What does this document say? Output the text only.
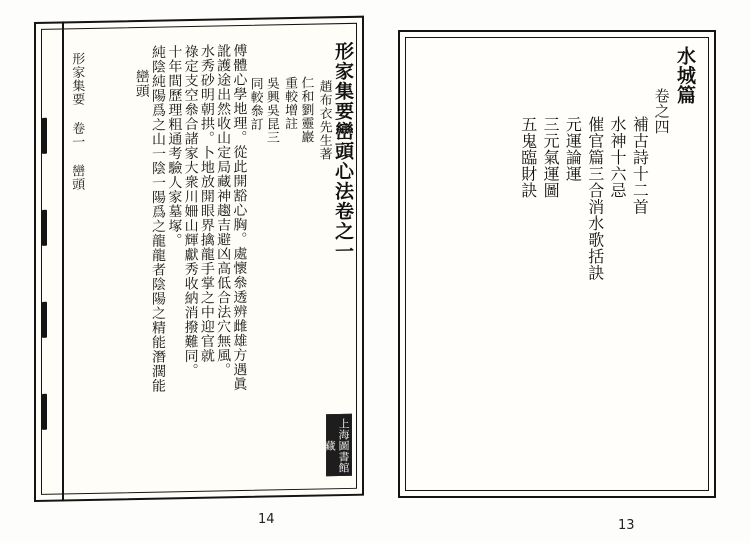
水城篇
卷之四
補古詩十二首
水神十六忌
催官篇三合消水歌括訣
元運論運
三元氣運圖
五鬼臨財訣
形家集要 卷一 巒頭	形家集要巒頭心法卷之一
趙布衣先生著
仁和劉靈巖
重較增註
吳興吳昆三
同較叅訂
傅體心學地理。從此開豁心胸。處懷叅透辨雌雄方遇眞
訛護途出然收山定局藏神趨吉避凶高低合法穴無風。
水秀砂明朝拱。卜地放開眼界擒龍手掌之中迎官就
祿定支空叅合諸家大衆川姍山輝獻秀收納消撥難同。
十年間歷理粗通考驗人家墓塚。
純陰純陽爲之山一陰一陽爲之龍龍者陰陽之精能潛濶能
巒頭
上海圖書館藏
14	13
